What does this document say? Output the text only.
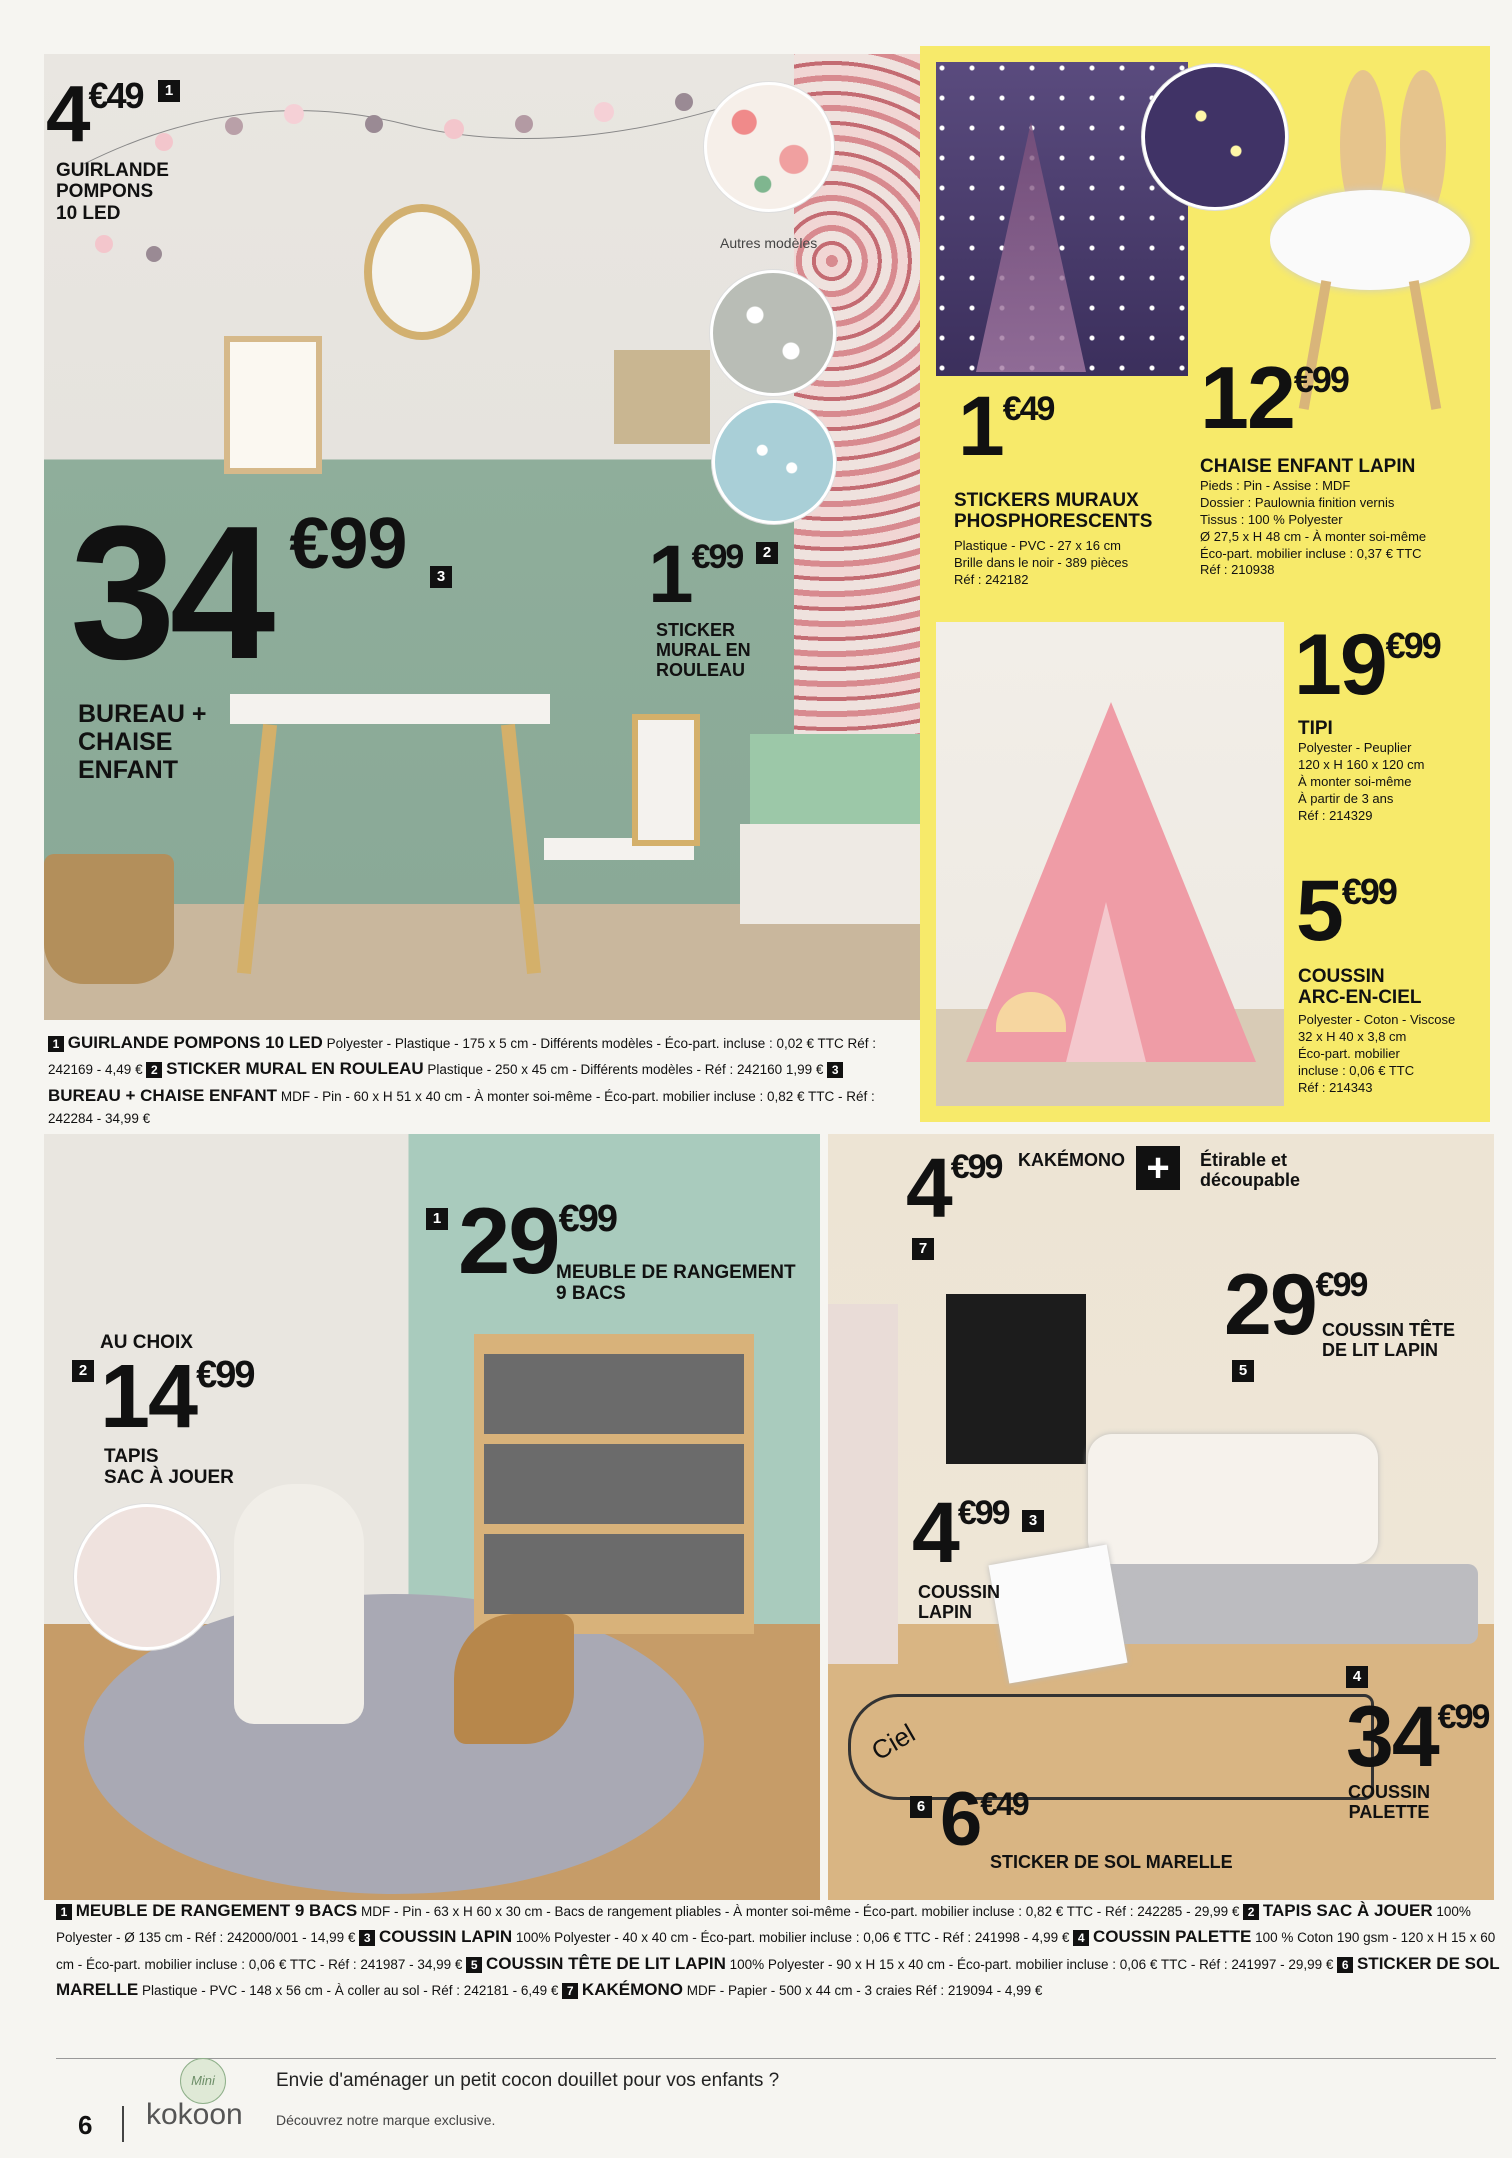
Autres modèles
4€49	1
GUIRLANDE
POMPONS
10 LED
1€99	2
STICKER
MURAL EN
ROULEAU
34 €99	3
BUREAU +
CHAISE
ENFANT
1 GUIRLANDE POMPONS 10 LED Polyester - Plastique - 175 x 5 cm - Différents modèles - Éco-part. incluse : 0,02 € TTC Réf : 242169 - 4,49 € 2 STICKER MURAL EN ROULEAU Plastique - 250 x 45 cm - Différents modèles - Réf : 242160 1,99 € 3 BUREAU + CHAISE ENFANT MDF - Pin - 60 x H 51 x 40 cm - À monter soi-même - Éco-part. mobilier incluse : 0,82 € TTC - Réf : 242284 - 34,99 €
1€49
STICKERS MURAUX
PHOSPHORESCENTS
Plastique - PVC - 27 x 16 cm
Brille dans le noir - 389 pièces
Réf : 242182
12€99
CHAISE ENFANT LAPIN
Pieds : Pin - Assise : MDF
Dossier : Paulownia finition vernis
Tissus : 100 % Polyester
Ø 27,5 x H 48 cm - À monter soi-même
Éco-part. mobilier incluse : 0,37 € TTC
Réf : 210938
19€99
TIPI
Polyester - Peuplier
120 x H 160 x 120 cm
À monter soi-même
À partir de 3 ans
Réf : 214329
5€99
COUSSIN
ARC-EN-CIEL
Polyester - Coton - Viscose
32 x H 40 x 3,8 cm
Éco-part. mobilier
incluse : 0,06 € TTC
Réf : 214343
1 29€99
MEUBLE DE RANGEMENT
9 BACS
AU CHOIX
2 14€99
TAPIS
SAC À JOUER
Ciel
4€99 KAKÉMONO
7
+	Étirable et
découpable
29€99
COUSSIN TÊTE
DE LIT LAPIN
5
4€99	3
COUSSIN
LAPIN
4
34€99
COUSSIN
PALETTE
6 6€49
STICKER DE SOL MARELLE
1 MEUBLE DE RANGEMENT 9 BACS MDF - Pin - 63 x H 60 x 30 cm - Bacs de rangement pliables - À monter soi-même - Éco-part. mobilier incluse : 0,82 € TTC - Réf : 242285 - 29,99 € 2 TAPIS SAC À JOUER 100% Polyester - Ø 135 cm - Réf : 242000/001 - 14,99 € 3 COUSSIN LAPIN 100% Polyester - 40 x 40 cm - Éco-part. mobilier incluse : 0,06 € TTC - Réf : 241998 - 4,99 € 4 COUSSIN PALETTE 100 % Coton 190 gsm - 120 x H 15 x 60 cm - Éco-part. mobilier incluse : 0,06 € TTC - Réf : 241987 - 34,99 € 5 COUSSIN TÊTE DE LIT LAPIN 100% Polyester - 90 x H 15 x 40 cm - Éco-part. mobilier incluse : 0,06 € TTC - Réf : 241997 - 29,99 € 6 STICKER DE SOL MARELLE Plastique - PVC - 148 x 56 cm - À coller au sol - Réf : 242181 - 6,49 € 7 KAKÉMONO MDF - Papier - 500 x 44 cm - 3 craies Réf : 219094 - 4,99 €
6
Mini
kokoon
Envie d'aménager un petit cocon douillet pour vos enfants ?
Découvrez notre marque exclusive.
